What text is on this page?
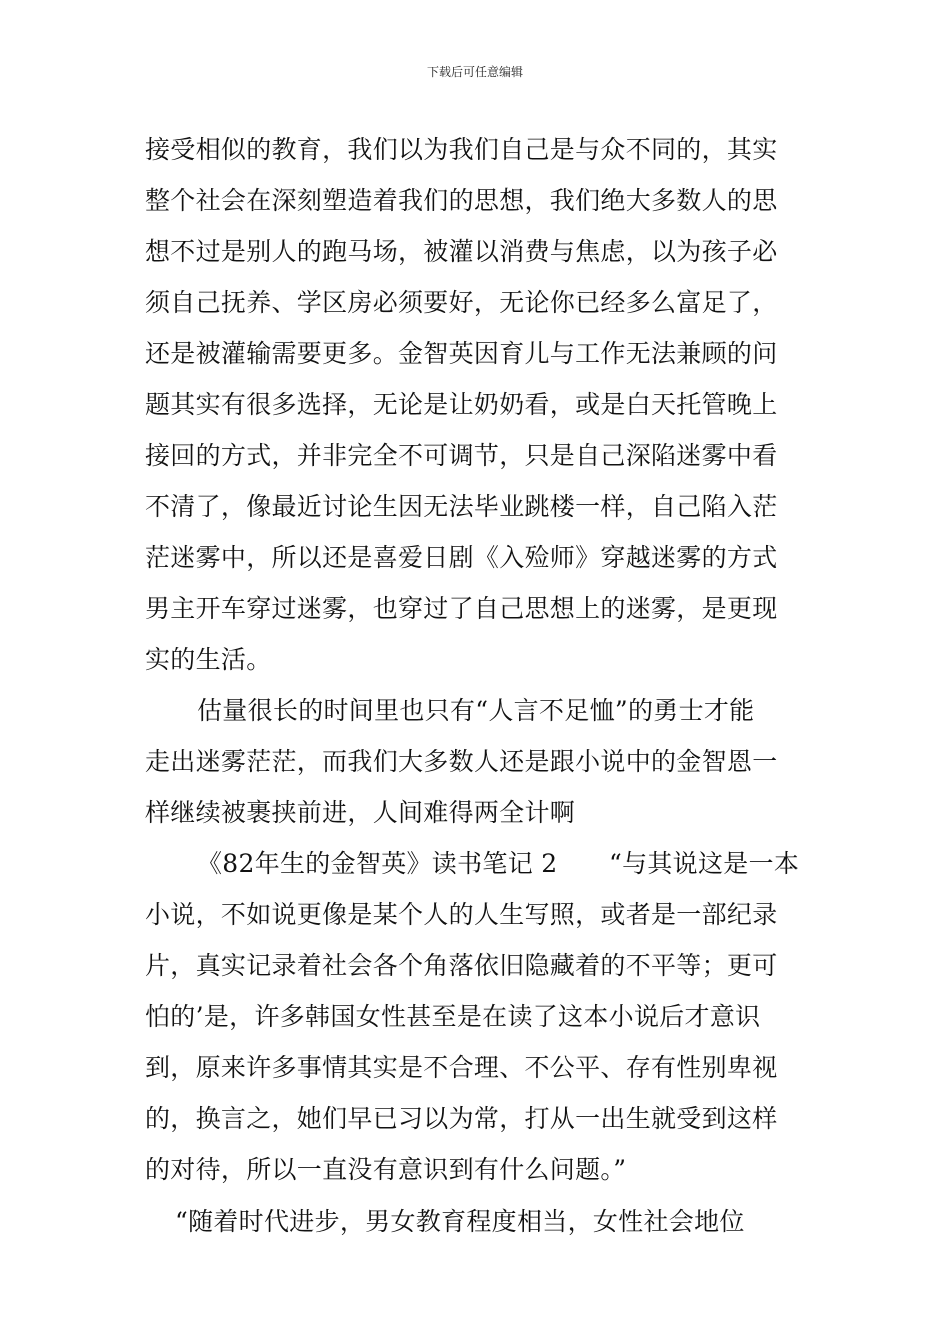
下载后可任意编辑
接受相似的教育，我们以为我们自己是与众不同的，其实
整个社会在深刻塑造着我们的思想，我们绝大多数人的思
想不过是别人的跑马场，被灌以消费与焦虑，以为孩子必
须自己抚养、学区房必须要好，无论你已经多么富足了，
还是被灌输需要更多。金智英因育儿与工作无法兼顾的问
题其实有很多选择，无论是让奶奶看，或是白天托管晚上
接回的方式，并非完全不可调节，只是自己深陷迷雾中看
不清了，像最近讨论生因无法毕业跳楼一样，自己陷入茫
茫迷雾中，所以还是喜爱日剧《入殓师》穿越迷雾的方式
男主开车穿过迷雾，也穿过了自己思想上的迷雾，是更现
实的生活。
估量很长的时间里也只有“人言不足恤”的勇士才能
走出迷雾茫茫，而我们大多数人还是跟小说中的金智恩一
样继续被裹挟前进，人间难得两全计啊
《82年生的金智英》读书笔记 2 “与其说这是一本
小说，不如说更像是某个人的人生写照，或者是一部纪录
片，真实记录着社会各个角落依旧隐藏着的不平等；更可
怕的’是，许多韩国女性甚至是在读了这本小说后才意识
到，原来许多事情其实是不合理、不公平、存有性别卑视
的，换言之，她们早已习以为常，打从一出生就受到这样
的对待，所以一直没有意识到有什么问题。”
“随着时代进步，男女教育程度相当，女性社会地位
